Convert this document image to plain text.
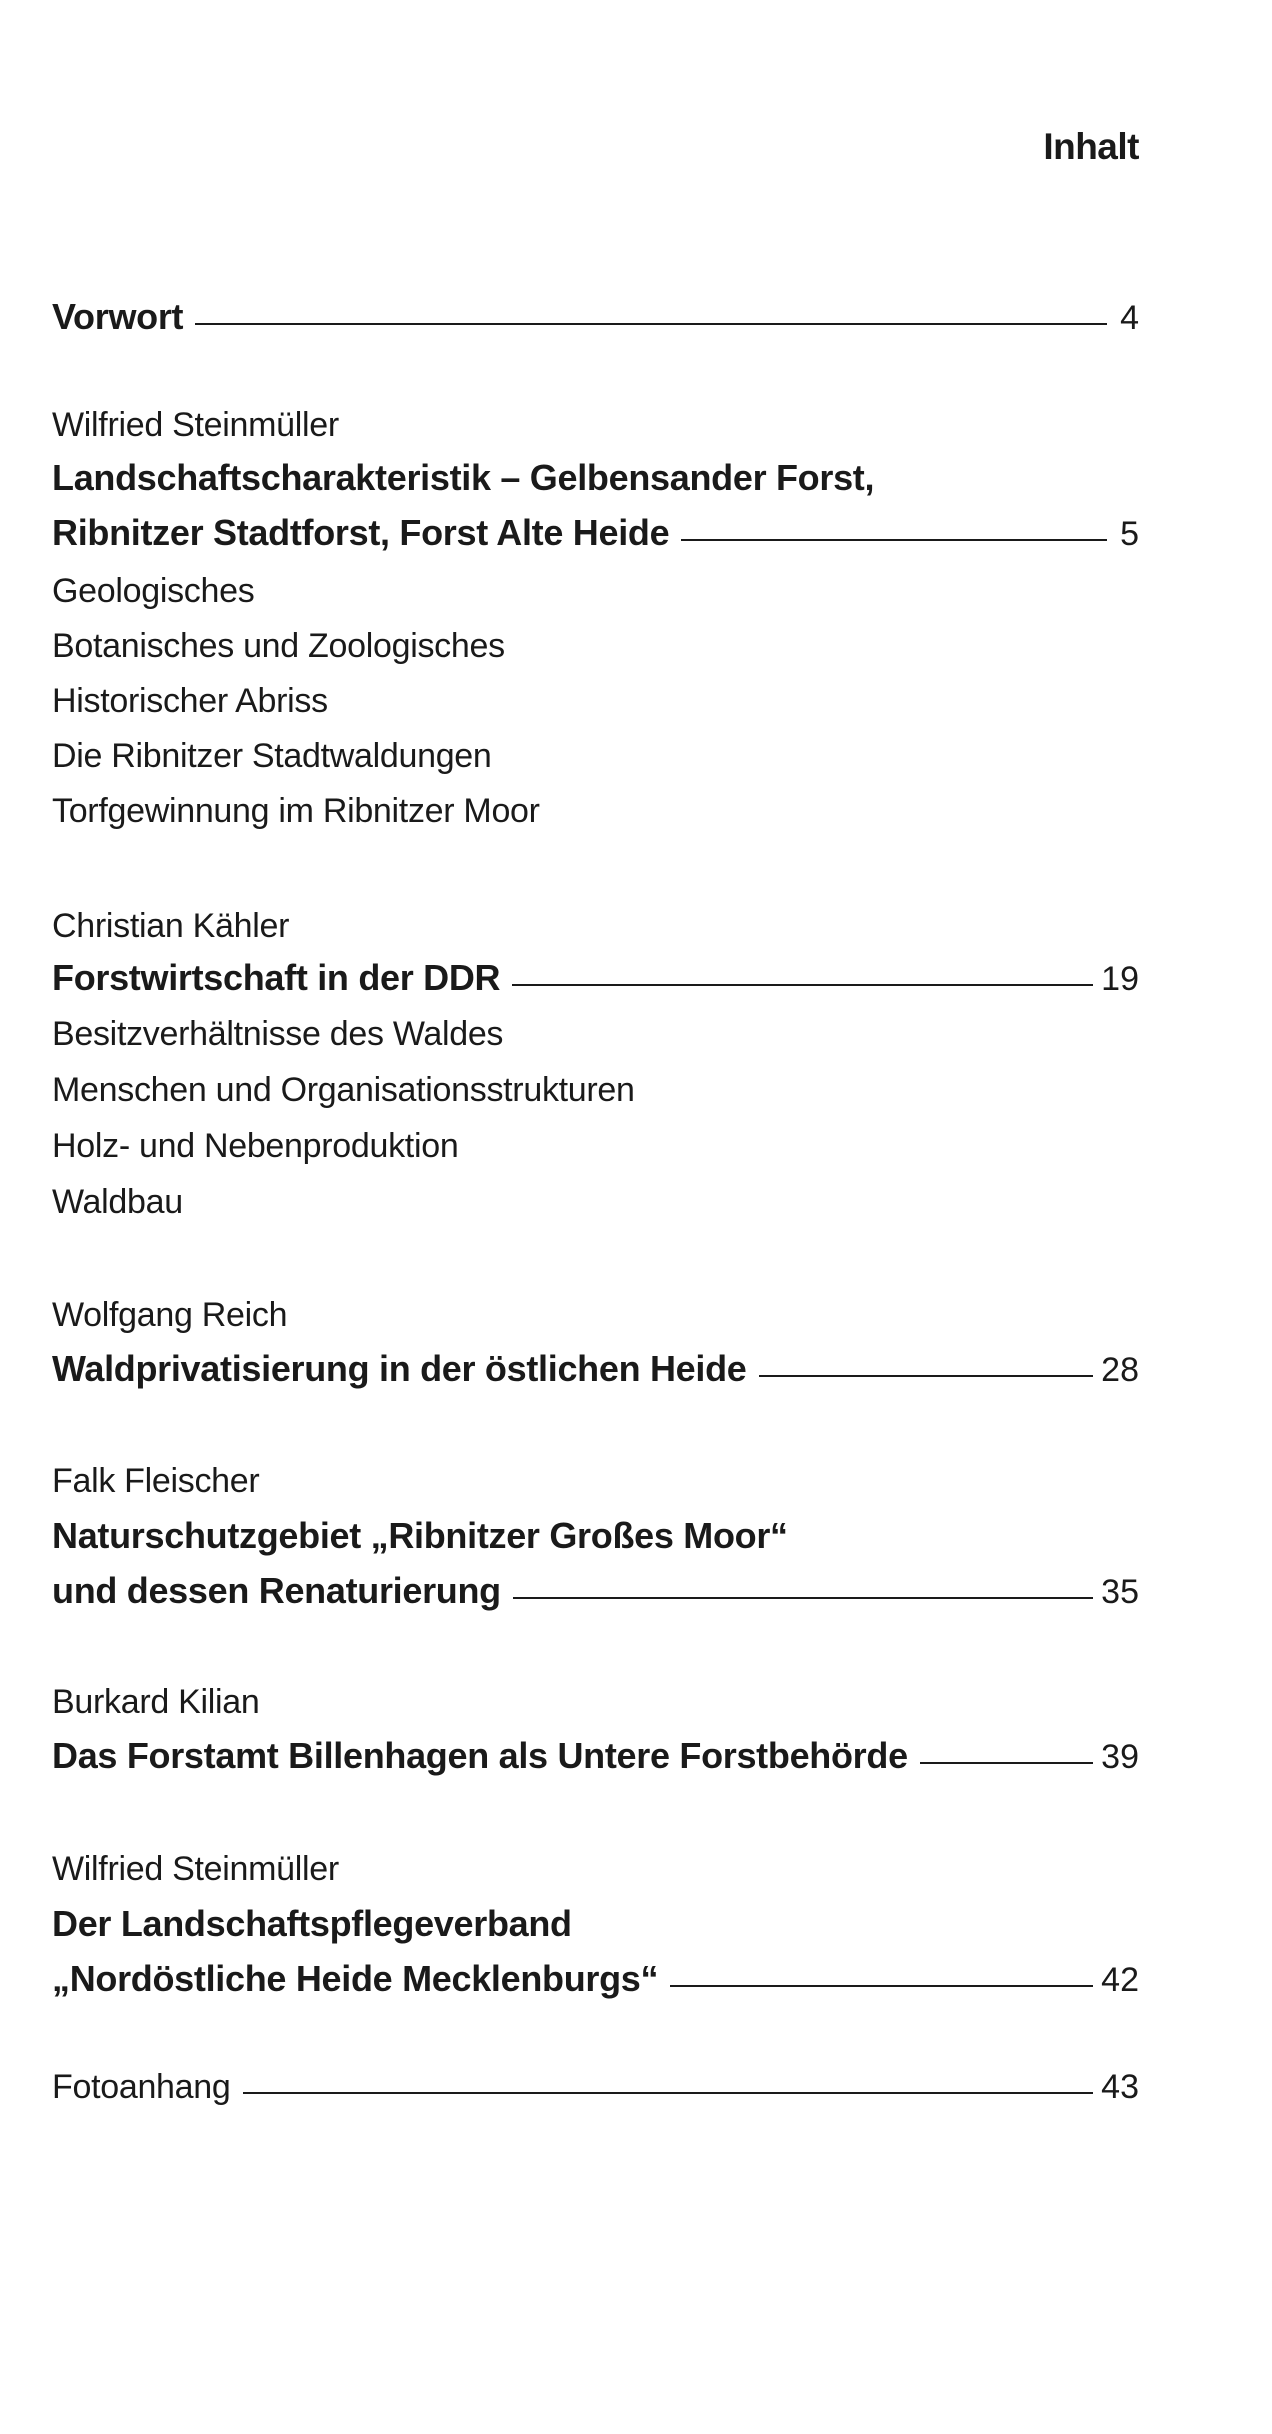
Inhalt
Vorwort	4
Wilfried Steinmüller
Landschaftscharakteristik – Gelbensander Forst,
Ribnitzer Stadtforst, Forst Alte Heide	5
Geologisches
Botanisches und Zoologisches
Historischer Abriss
Die Ribnitzer Stadtwaldungen
Torfgewinnung im Ribnitzer Moor
Christian Kähler
Forstwirtschaft in der DDR	19
Besitzverhältnisse des Waldes
Menschen und Organisationsstrukturen
Holz- und Nebenproduktion
Waldbau
Wolfgang Reich
Waldprivatisierung in der östlichen Heide	28
Falk Fleischer
Naturschutzgebiet „Ribnitzer Großes Moor“
und dessen Renaturierung	35
Burkard Kilian
Das Forstamt Billenhagen als Untere Forstbehörde	39
Wilfried Steinmüller
Der Landschaftspflegeverband
„Nordöstliche Heide Mecklenburgs“	42
Fotoanhang	43
